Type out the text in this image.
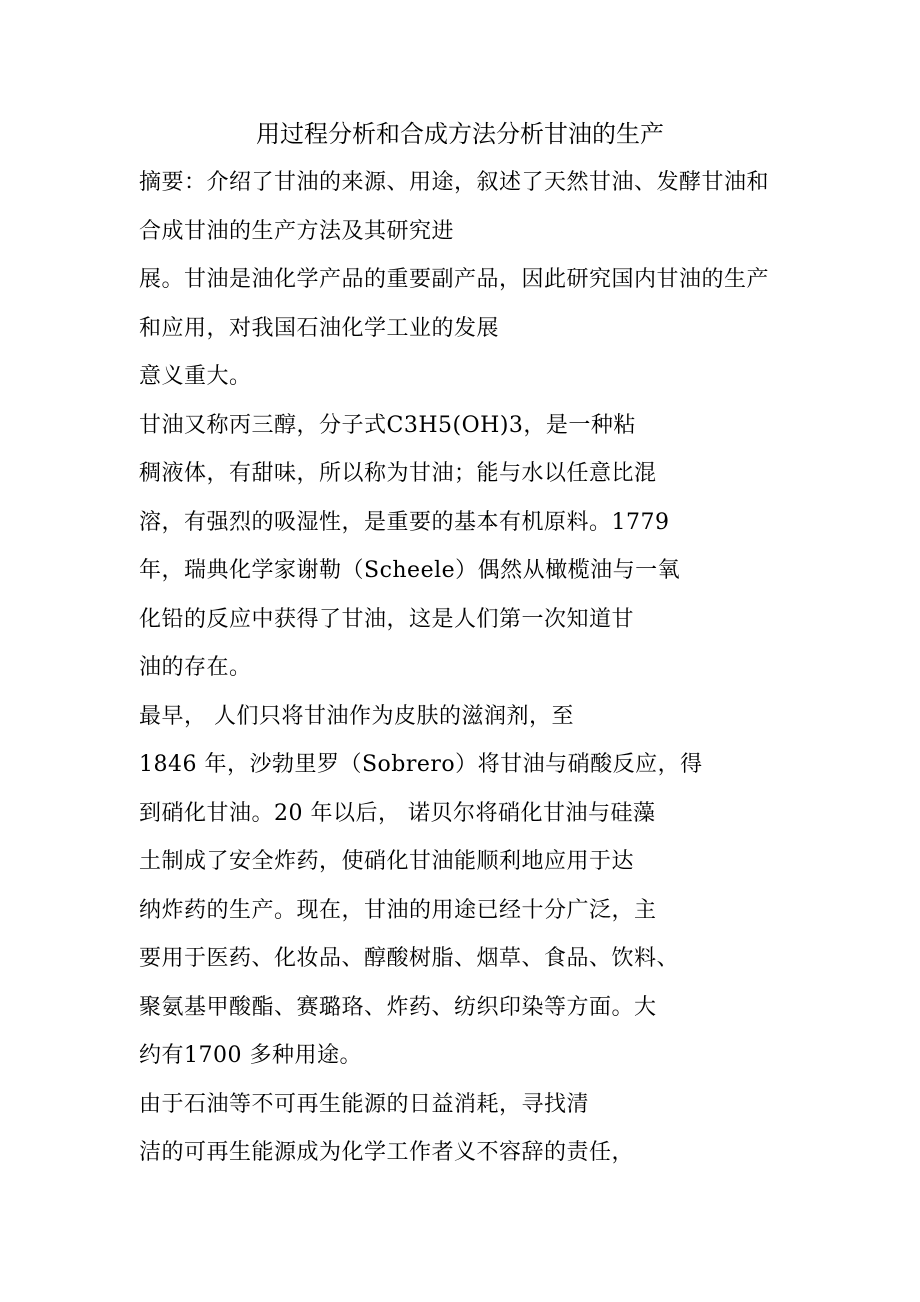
用过程分析和合成方法分析甘油的生产
摘要：介绍了甘油的来源、用途，叙述了天然甘油、发酵甘油和
合成甘油的生产方法及其研究进
展。甘油是油化学产品的重要副产品，因此研究国内甘油的生产
和应用，对我国石油化学工业的发展
意义重大。
甘油又称丙三醇，分子式C3H5(OH)3，是一种粘
稠液体，有甜味，所以称为甘油；能与水以任意比混
溶，有强烈的吸湿性，是重要的基本有机原料。1779
年，瑞典化学家谢勒（Scheele）偶然从橄榄油与一氧
化铅的反应中获得了甘油，这是人们第一次知道甘
油的存在。
最早， 人们只将甘油作为皮肤的滋润剂，至
1846 年，沙勃里罗（Sobrero）将甘油与硝酸反应，得
到硝化甘油。20 年以后， 诺贝尔将硝化甘油与硅藻
土制成了安全炸药，使硝化甘油能顺利地应用于达
纳炸药的生产。现在，甘油的用途已经十分广泛，主
要用于医药、化妆品、醇酸树脂、烟草、食品、饮料、
聚氨基甲酸酯、赛璐珞、炸药、纺织印染等方面。大
约有1700 多种用途。
由于石油等不可再生能源的日益消耗，寻找清
洁的可再生能源成为化学工作者义不容辞的责任，
